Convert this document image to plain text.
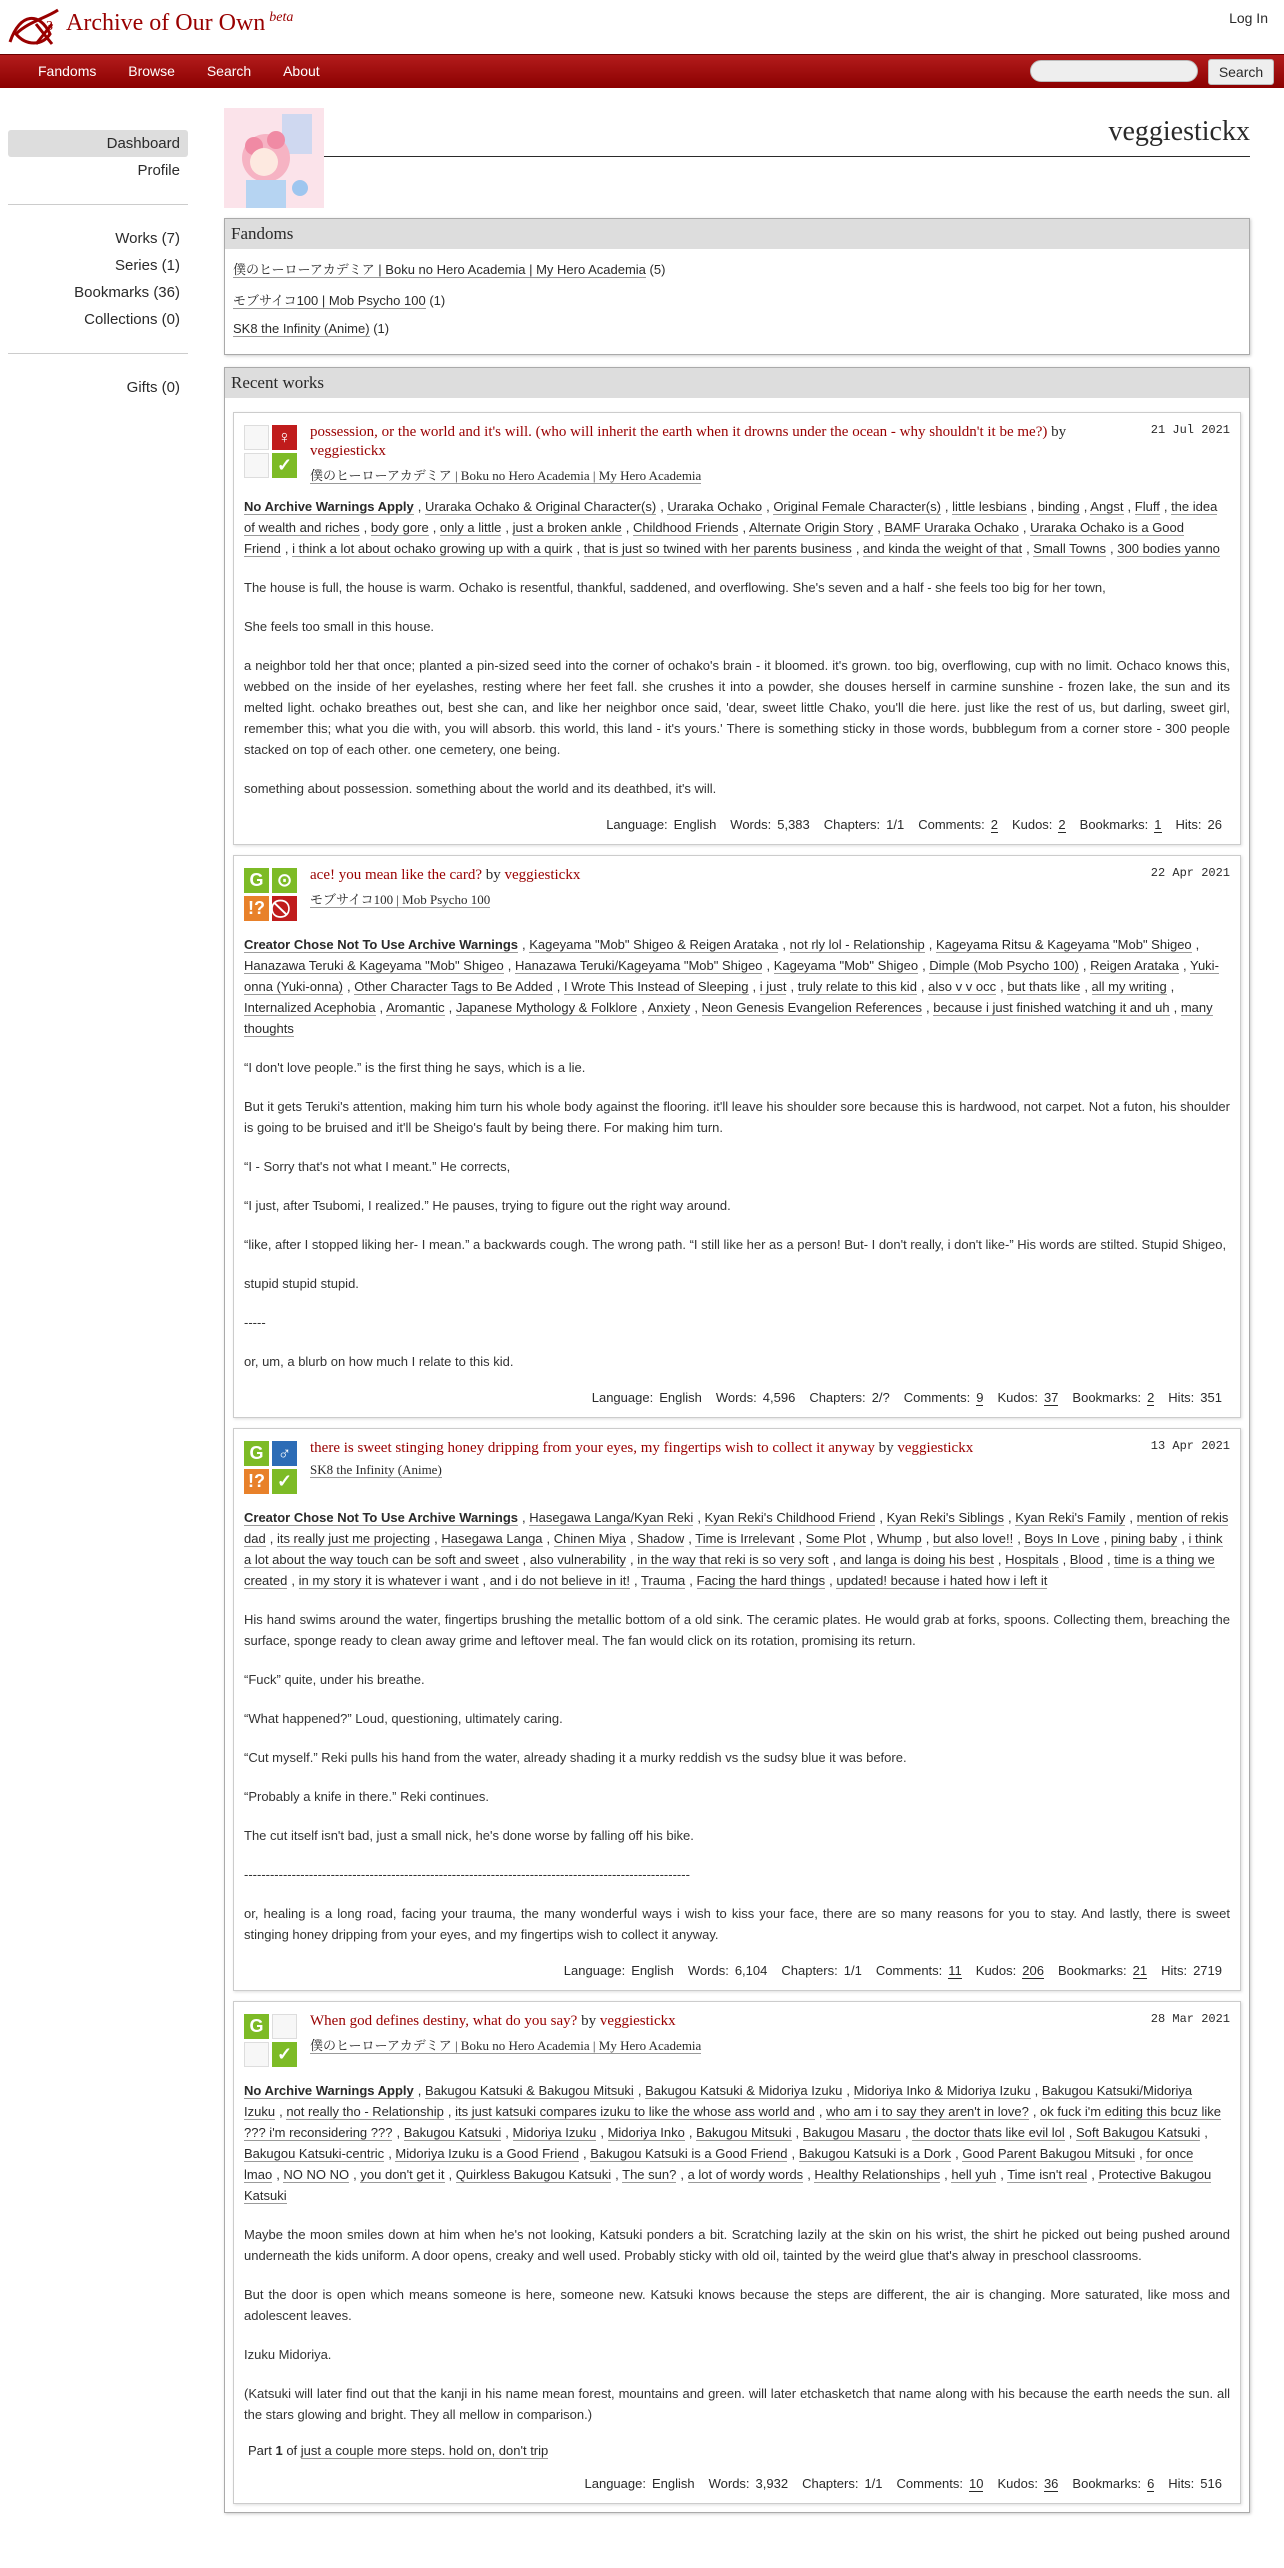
3 Archive of Our Own $^{beta}$	Log In
Fandoms Browse Search About	Search
Dashboard
Profile
Works (7)
Series (1)
Bookmarks (36)
Collections (0)
Gifts (0)
veggiestickx
Fandoms
僕のヒーローアカデミア | Boku no Hero Academia | My Hero Academia (5)
モブサイコ100 | Mob Psycho 100 (1)
SK8 the Infinity (Anime) (1)
Recent works
♀
✓
possession, or the world and it's will. (who will inherit the earth when it drowns under the ocean - why shouldn't it be me?) by veggiestickx
僕のヒーローアカデミア | Boku no Hero Academia | My Hero Academia
21 Jul 2021
No Archive Warnings Apply , Uraraka Ochako & Original Character(s) , Uraraka Ochako , Original Female Character(s) , little lesbians , binding , Angst , Fluff , the idea of wealth and riches , body gore , only a little , just a broken ankle , Childhood Friends , Alternate Origin Story , BAMF Uraraka Ochako , Uraraka Ochako is a Good Friend , i think a lot about ochako growing up with a quirk , that is just so twined with her parents business , and kinda the weight of that , Small Towns , 300 bodies yanno

The house is full, the house is warm. Ochako is resentful, thankful, saddened, and overflowing. She's seven and a half - she feels too big for her town,

She feels too small in this house.

a neighbor told her that once; planted a pin-sized seed into the corner of ochako's brain - it bloomed. it's grown. too big, overflowing, cup with no limit. Ochaco knows this, webbed on the inside of her eyelashes, resting where her feet fall. she crushes it into a powder, she douses herself in carmine sunshine - frozen lake, the sun and its melted light. ochako breathes out, best she can, and like her neighbor once said, 'dear, sweet little Chako, you'll die here. just like the rest of us, but darling, sweet girl, remember this; what you die with, you will absorb. this world, this land - it's yours.' There is something sticky in those words, bubblegum from a corner store - 300 people stacked on top of each other. one cemetery, one being.

something about possession. something about the world and its deathbed, it's will.

Language: English Words: 5,383 Chapters: 1/1 Comments: 2 Kudos: 2 Bookmarks: 1 Hits: 26
G ⊙
!?
ace! you mean like the card? by veggiestickx
モブサイコ100 | Mob Psycho 100
22 Apr 2021
Creator Chose Not To Use Archive Warnings , Kageyama "Mob" Shigeo & Reigen Arataka , not rly lol - Relationship , Kageyama Ritsu & Kageyama "Mob" Shigeo , Hanazawa Teruki & Kageyama "Mob" Shigeo , Hanazawa Teruki/Kageyama "Mob" Shigeo , Kageyama "Mob" Shigeo , Dimple (Mob Psycho 100) , Reigen Arataka , Yuki-onna (Yuki-onna) , Other Character Tags to Be Added , I Wrote This Instead of Sleeping , i just , truly relate to this kid , also v v occ , but thats like , all my writing , Internalized Acephobia , Aromantic , Japanese Mythology & Folklore , Anxiety , Neon Genesis Evangelion References , because i just finished watching it and uh , many thoughts

“I don't love people.” is the first thing he says, which is a lie.

But it gets Teruki's attention, making him turn his whole body against the flooring. it'll leave his shoulder sore because this is hardwood, not carpet. Not a futon, his shoulder is going to be bruised and it'll be Sheigo's fault by being there. For making him turn.

“I - Sorry that's not what I meant.” He corrects,

“I just, after Tsubomi, I realized.” He pauses, trying to figure out the right way around.

“like, after I stopped liking her- I mean.” a backwards cough. The wrong path. “I still like her as a person! But- I don't really, i don't like-” His words are stilted. Stupid Shigeo,

stupid stupid stupid.

-----

or, um, a blurb on how much I relate to this kid.

Language: English Words: 4,596 Chapters: 2/? Comments: 9 Kudos: 37 Bookmarks: 2 Hits: 351
G ♂
!? ✓
there is sweet stinging honey dripping from your eyes, my fingertips wish to collect it anyway by veggiestickx
SK8 the Infinity (Anime)
13 Apr 2021
Creator Chose Not To Use Archive Warnings , Hasegawa Langa/Kyan Reki , Kyan Reki's Childhood Friend , Kyan Reki's Siblings , Kyan Reki's Family , mention of rekis dad , its really just me projecting , Hasegawa Langa , Chinen Miya , Shadow , Time is Irrelevant , Some Plot , Whump , but also love!! , Boys In Love , pining baby , i think a lot about the way touch can be soft and sweet , also vulnerability , in the way that reki is so very soft , and langa is doing his best , Hospitals , Blood , time is a thing we created , in my story it is whatever i want , and i do not believe in it! , Trauma , Facing the hard things , updated! because i hated how i left it

His hand swims around the water, fingertips brushing the metallic bottom of a old sink. The ceramic plates. He would grab at forks, spoons. Collecting them, breaching the surface, sponge ready to clean away grime and leftover meal. The fan would click on its rotation, promising its return.

“Fuck” quite, under his breathe.

“What happened?” Loud, questioning, ultimately caring.

“Cut myself.” Reki pulls his hand from the water, already shading it a murky reddish vs the sudsy blue it was before.

“Probably a knife in there.” Reki continues.

The cut itself isn't bad, just a small nick, he's done worse by falling off his bike.

-------------------------------------------------------------------------------------------------------

or, healing is a long road, facing your trauma, the many wonderful ways i wish to kiss your face, there are so many reasons for you to stay. And lastly, there is sweet stinging honey dripping from your eyes, and my fingertips wish to collect it anyway.

Language: English Words: 6,104 Chapters: 1/1 Comments: 11 Kudos: 206 Bookmarks: 21 Hits: 2719
G
✓
When god defines destiny, what do you say? by veggiestickx
僕のヒーローアカデミア | Boku no Hero Academia | My Hero Academia
28 Mar 2021
No Archive Warnings Apply , Bakugou Katsuki & Bakugou Mitsuki , Bakugou Katsuki & Midoriya Izuku , Midoriya Inko & Midoriya Izuku , Bakugou Katsuki/Midoriya Izuku , not really tho - Relationship , its just katsuki compares izuku to like the whose ass world and , who am i to say they aren't in love? , ok fuck i'm editing this bcuz like ??? i'm reconsidering ??? , Bakugou Katsuki , Midoriya Izuku , Midoriya Inko , Bakugou Mitsuki , Bakugou Masaru , the doctor thats like evil lol , Soft Bakugou Katsuki , Bakugou Katsuki-centric , Midoriya Izuku is a Good Friend , Bakugou Katsuki is a Good Friend , Bakugou Katsuki is a Dork , Good Parent Bakugou Mitsuki , for once lmao , NO NO NO , you don't get it , Quirkless Bakugou Katsuki , The sun? , a lot of wordy words , Healthy Relationships , hell yuh , Time isn't real , Protective Bakugou Katsuki

Maybe the moon smiles down at him when he's not looking, Katsuki ponders a bit. Scratching lazily at the skin on his wrist, the shirt he picked out being pushed around underneath the kids uniform. A door opens, creaky and well used. Probably sticky with old oil, tainted by the weird glue that's alway in preschool classrooms.

But the door is open which means someone is here, someone new. Katsuki knows because the steps are different, the air is changing. More saturated, like moss and adolescent leaves.

Izuku Midoriya.

(Katsuki will later find out that the kanji in his name mean forest, mountains and green. will later etchasketch that name along with his because the earth needs the sun. all the stars glowing and bright. They all mellow in comparison.)

Part 1 of just a couple more steps. hold on, don't trip
Language: English Words: 3,932 Chapters: 1/1 Comments: 10 Kudos: 36 Bookmarks: 6 Hits: 516
